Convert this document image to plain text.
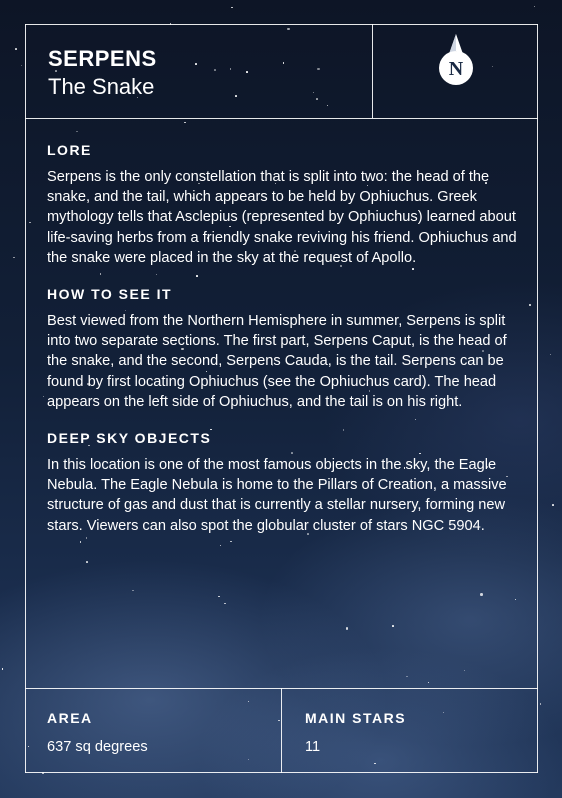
SERPENS
The Snake
N
LORE

Serpens is the only constellation that is split into two: the head of the snake, and the tail, which appears to be held by Ophiuchus. Greek mythology tells that Asclepius (represented by Ophiuchus) learned about life-saving herbs from a friendly snake reviving his friend. Ophiuchus and the snake were placed in the sky at the request of Apollo.

HOW TO SEE IT

Best viewed from the Northern Hemisphere in summer, Serpens is split into two separate sections. The first part, Serpens Caput, is the head of the snake, and the second, Serpens Cauda, is the tail. Serpens can be found by first locating Ophiuchus (see the Ophiuchus card). The head appears on the left side of Ophiuchus, and the tail is on his right.

DEEP SKY OBJECTS

In this location is one of the most famous objects in the sky, the Eagle Nebula. The Eagle Nebula is home to the Pillars of Creation, a massive structure of gas and dust that is currently a stellar nursery, forming new stars. Viewers can also spot the globular cluster of stars NGC 5904.

AREA
637 sq degrees
MAIN STARS
11
